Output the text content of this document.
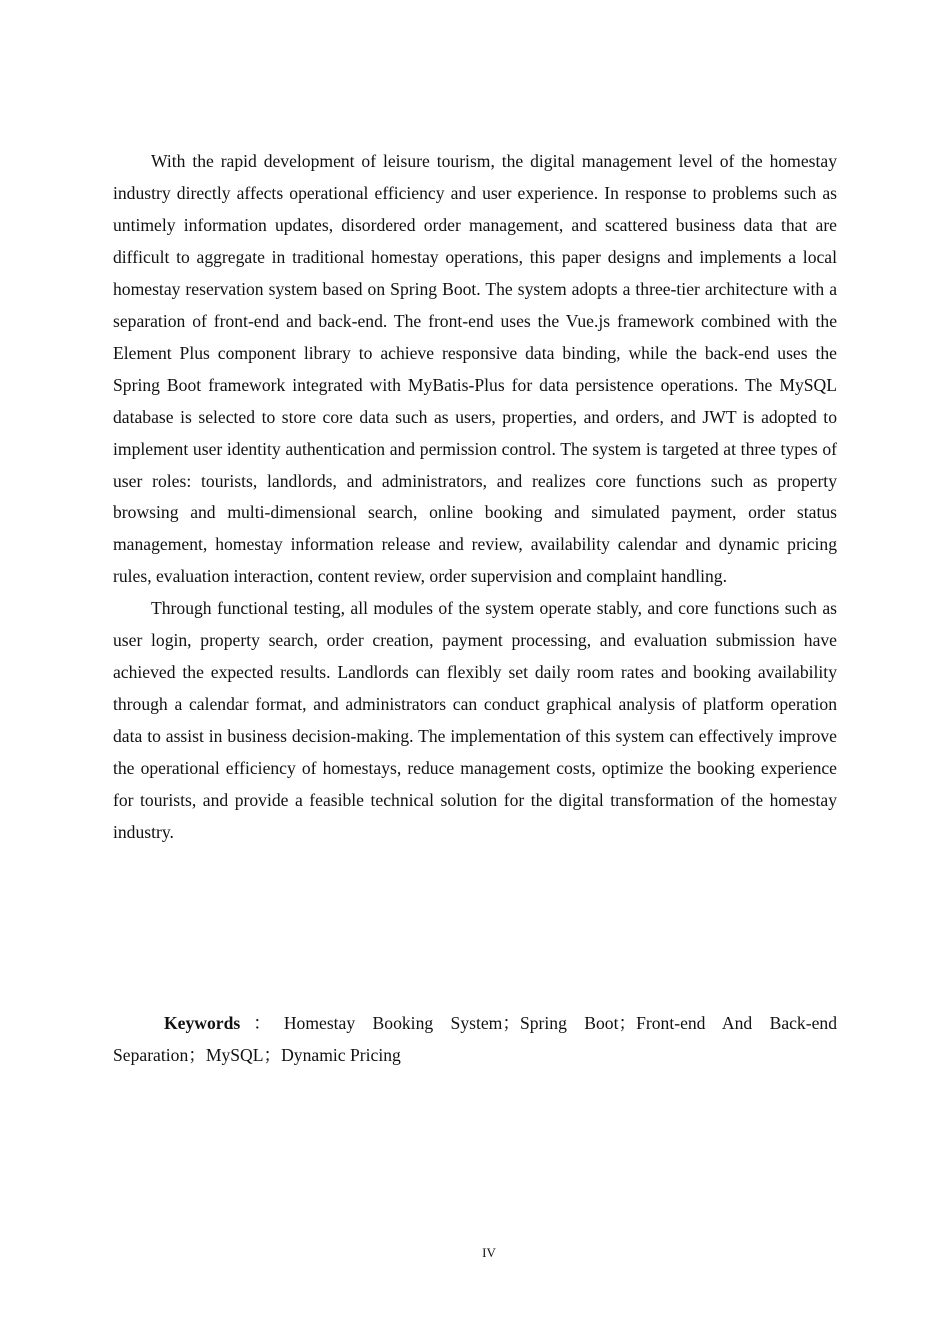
With the rapid development of leisure tourism, the digital management level of the homestay industry directly affects operational efficiency and user experience. In response to problems such as untimely information updates, disordered order management, and scattered business data that are difficult to aggregate in traditional homestay operations, this paper designs and implements a local homestay reservation system based on Spring Boot. The system adopts a three-tier architecture with a separation of front-end and back-end. The front-end uses the Vue.js framework combined with the Element Plus component library to achieve responsive data binding, while the back-end uses the Spring Boot framework integrated with MyBatis-Plus for data persistence operations. The MySQL database is selected to store core data such as users, properties, and orders, and JWT is adopted to implement user identity authentication and permission control. The system is targeted at three types of user roles: tourists, landlords, and administrators, and realizes core functions such as property browsing and multi-dimensional search, online booking and simulated payment, order status management, homestay information release and review, availability calendar and dynamic pricing rules, evaluation interaction, content review, order supervision and complaint handling.

Through functional testing, all modules of the system operate stably, and core functions such as user login, property search, order creation, payment processing, and evaluation submission have achieved the expected results. Landlords can flexibly set daily room rates and booking availability through a calendar format, and administrators can conduct graphical analysis of platform operation data to assist in business decision-making. The implementation of this system can effectively improve the operational efficiency of homestays, reduce management costs, optimize the booking experience for tourists, and provide a feasible technical solution for the digital transformation of the homestay industry.

Keywords：Homestay Booking System；Spring Boot；Front-end And Back-end Separation；MySQL；Dynamic Pricing

IV
